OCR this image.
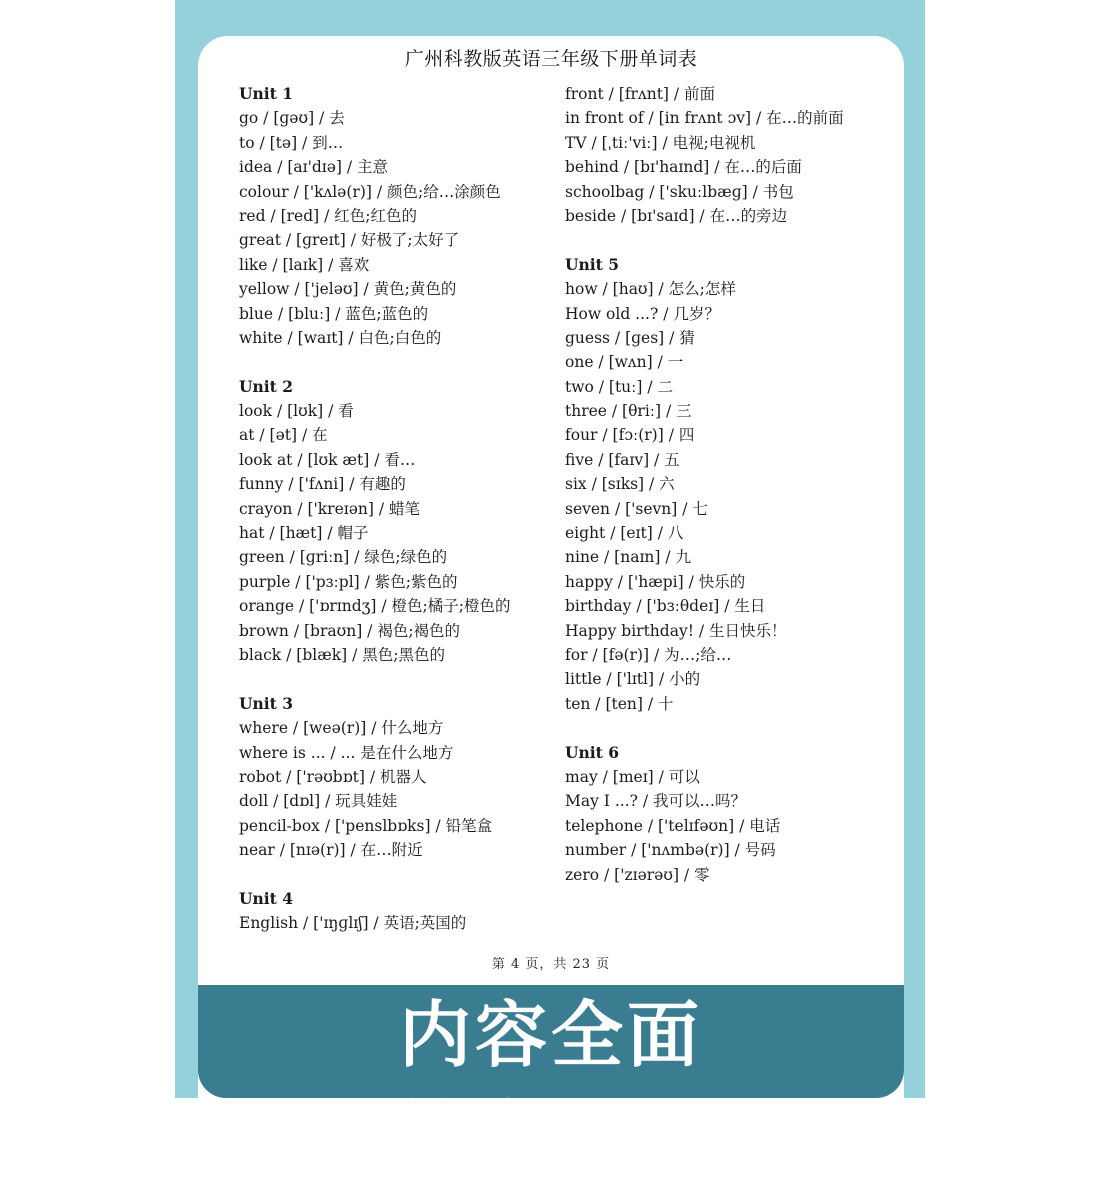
广州科教版英语三年级下册单词表
Unit 1
go / [ɡəʊ] / 去
to / [tə] / 到…
idea / [aɪ'dɪə] / 主意
colour / ['kʌlə(r)] / 颜色;给…涂颜色
red / [red] / 红色;红色的
great / [ɡreɪt] / 好极了;太好了
like / [laɪk] / 喜欢
yellow / ['jeləʊ] / 黄色;黄色的
blue / [bluː] / 蓝色;蓝色的
white / [waɪt] / 白色;白色的
Unit 2
look / [lʊk] / 看
at / [ət] / 在
look at / [lʊk æt] / 看…
funny / ['fʌni] / 有趣的
crayon / ['kreɪən] / 蜡笔
hat / [hæt] / 帽子
green / [ɡriːn] / 绿色;绿色的
purple / ['pɜːpl] / 紫色;紫色的
orange / ['ɒrɪndʒ] / 橙色;橘子;橙色的
brown / [braʊn] / 褐色;褐色的
black / [blæk] / 黑色;黑色的
Unit 3
where / [weə(r)] / 什么地方
where is ... / ... 是在什么地方
robot / ['rəʊbɒt] / 机器人
doll / [dɒl] / 玩具娃娃
pencil-box / ['penslbɒks] / 铅笔盒
near / [nɪə(r)] / 在…附近
Unit 4
English / ['ɪŋɡlɪʃ] / 英语;英国的
front / [frʌnt] / 前面
in front of / [in frʌnt ɔv] / 在…的前面
TV / [ˌtiː'viː] / 电视;电视机
behind / [bɪ'haɪnd] / 在…的后面
schoolbag / ['skuːlbæɡ] / 书包
beside / [bɪ'saɪd] / 在…的旁边
Unit 5
how / [haʊ] / 怎么;怎样
How old ...? / 几岁？
guess / [ɡes] / 猜
one / [wʌn] / 一
two / [tuː] / 二
three / [θriː] / 三
four / [fɔː(r)] / 四
five / [faɪv] / 五
six / [sɪks] / 六
seven / ['sevn] / 七
eight / [eɪt] / 八
nine / [naɪn] / 九
happy / ['hæpi] / 快乐的
birthday / ['bɜːθdeɪ] / 生日
Happy birthday! / 生日快乐！
for / [fə(r)] / 为…;给…
little / ['lɪtl] / 小的
ten / [ten] / 十
Unit 6
may / [meɪ] / 可以
May I ...? / 我可以…吗？
telephone / ['telɪfəʊn] / 电话
number / ['nʌmbə(r)] / 号码
zero / ['zɪərəʊ] / 零
第 4 页，共 23 页
内容全面 符合需求
